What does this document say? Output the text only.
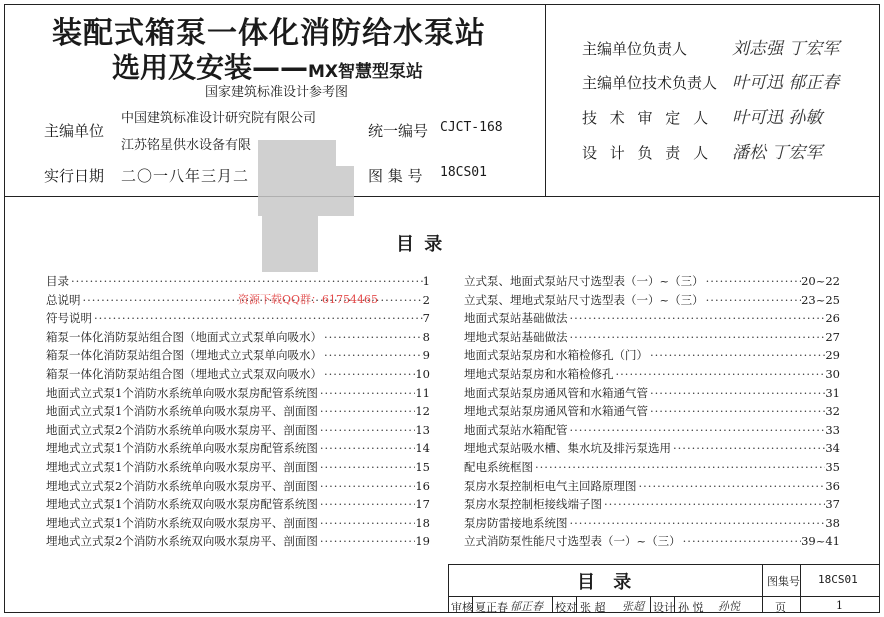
装配式箱泵一体化消防给水泵站
选用及安装——MX智慧型泵站
国家建筑标准设计参考图
主编单位
中国建筑标准设计研究院有限公司
江苏铭星供水设备有限
统一编号 CJCT-168
实行日期 二〇一八年三月二	图 集 号 18CS01
主编单位负责人	刘志强 丁宏军
主编单位技术负责人 叶可迅 郁正春
技 术 审 定 人 叶可迅 孙敏
设 计 负 责 人 潘松 丁宏军
目 录
目录 ·····	1
总说明 ·····	2
符号说明 ·····	7
箱泵一体化消防泵站组合图（地面式立式泵单向吸水） ·····	8
箱泵一体化消防泵站组合图（埋地式立式泵单向吸水） ·····	9
箱泵一体化消防泵站组合图（埋地式立式泵双向吸水） ·····	10
地面式立式泵1个消防水系统单向吸水泵房配管系统图 ·····	11
地面式立式泵1个消防水系统单向吸水泵房平、剖面图 ·····	12
地面式立式泵2个消防水系统单向吸水泵房平、剖面图 ·····	13
埋地式立式泵1个消防水系统单向吸水泵房配管系统图 ·····	14
埋地式立式泵1个消防水系统单向吸水泵房平、剖面图 ·····	15
埋地式立式泵2个消防水系统单向吸水泵房平、剖面图 ·····	16
埋地式立式泵1个消防水系统双向吸水泵房配管系统图 ·····	17
埋地式立式泵1个消防水系统双向吸水泵房平、剖面图 ·····	18
埋地式立式泵2个消防水系统双向吸水泵房平、剖面图 ·····	19
立式泵、地面式泵站尺寸选型表（一）~（三） ·····	20~22
立式泵、埋地式泵站尺寸选型表（一）~（三） ·····	23~25
地面式泵站基础做法 ·····	26
埋地式泵站基础做法 ·····	27
地面式泵站泵房和水箱检修孔（门） ·····	29
埋地式泵站泵房和水箱检修孔 ·····	30
地面式泵站泵房通风管和水箱通气管 ·····	31
埋地式泵站泵房通风管和水箱通气管 ·····	32
地面式泵站水箱配管 ·····	33
埋地式泵站吸水槽、集水坑及排污泵选用 ·····	34
配电系统框图 ·····	35
泵房水泵控制柜电气主回路原理图 ·····	36
泵房水泵控制柜接线端子图 ·····	37
泵房防雷接地系统图 ·····	38
立式消防泵性能尺寸选型表（一）~（三） ·····	39~41
资源下载QQ群：61754465
目 录	图集号 18CS01
审核 夏正春 郁正春 校对 张 超 张超 设计 孙 悦 孙悦	页	1
